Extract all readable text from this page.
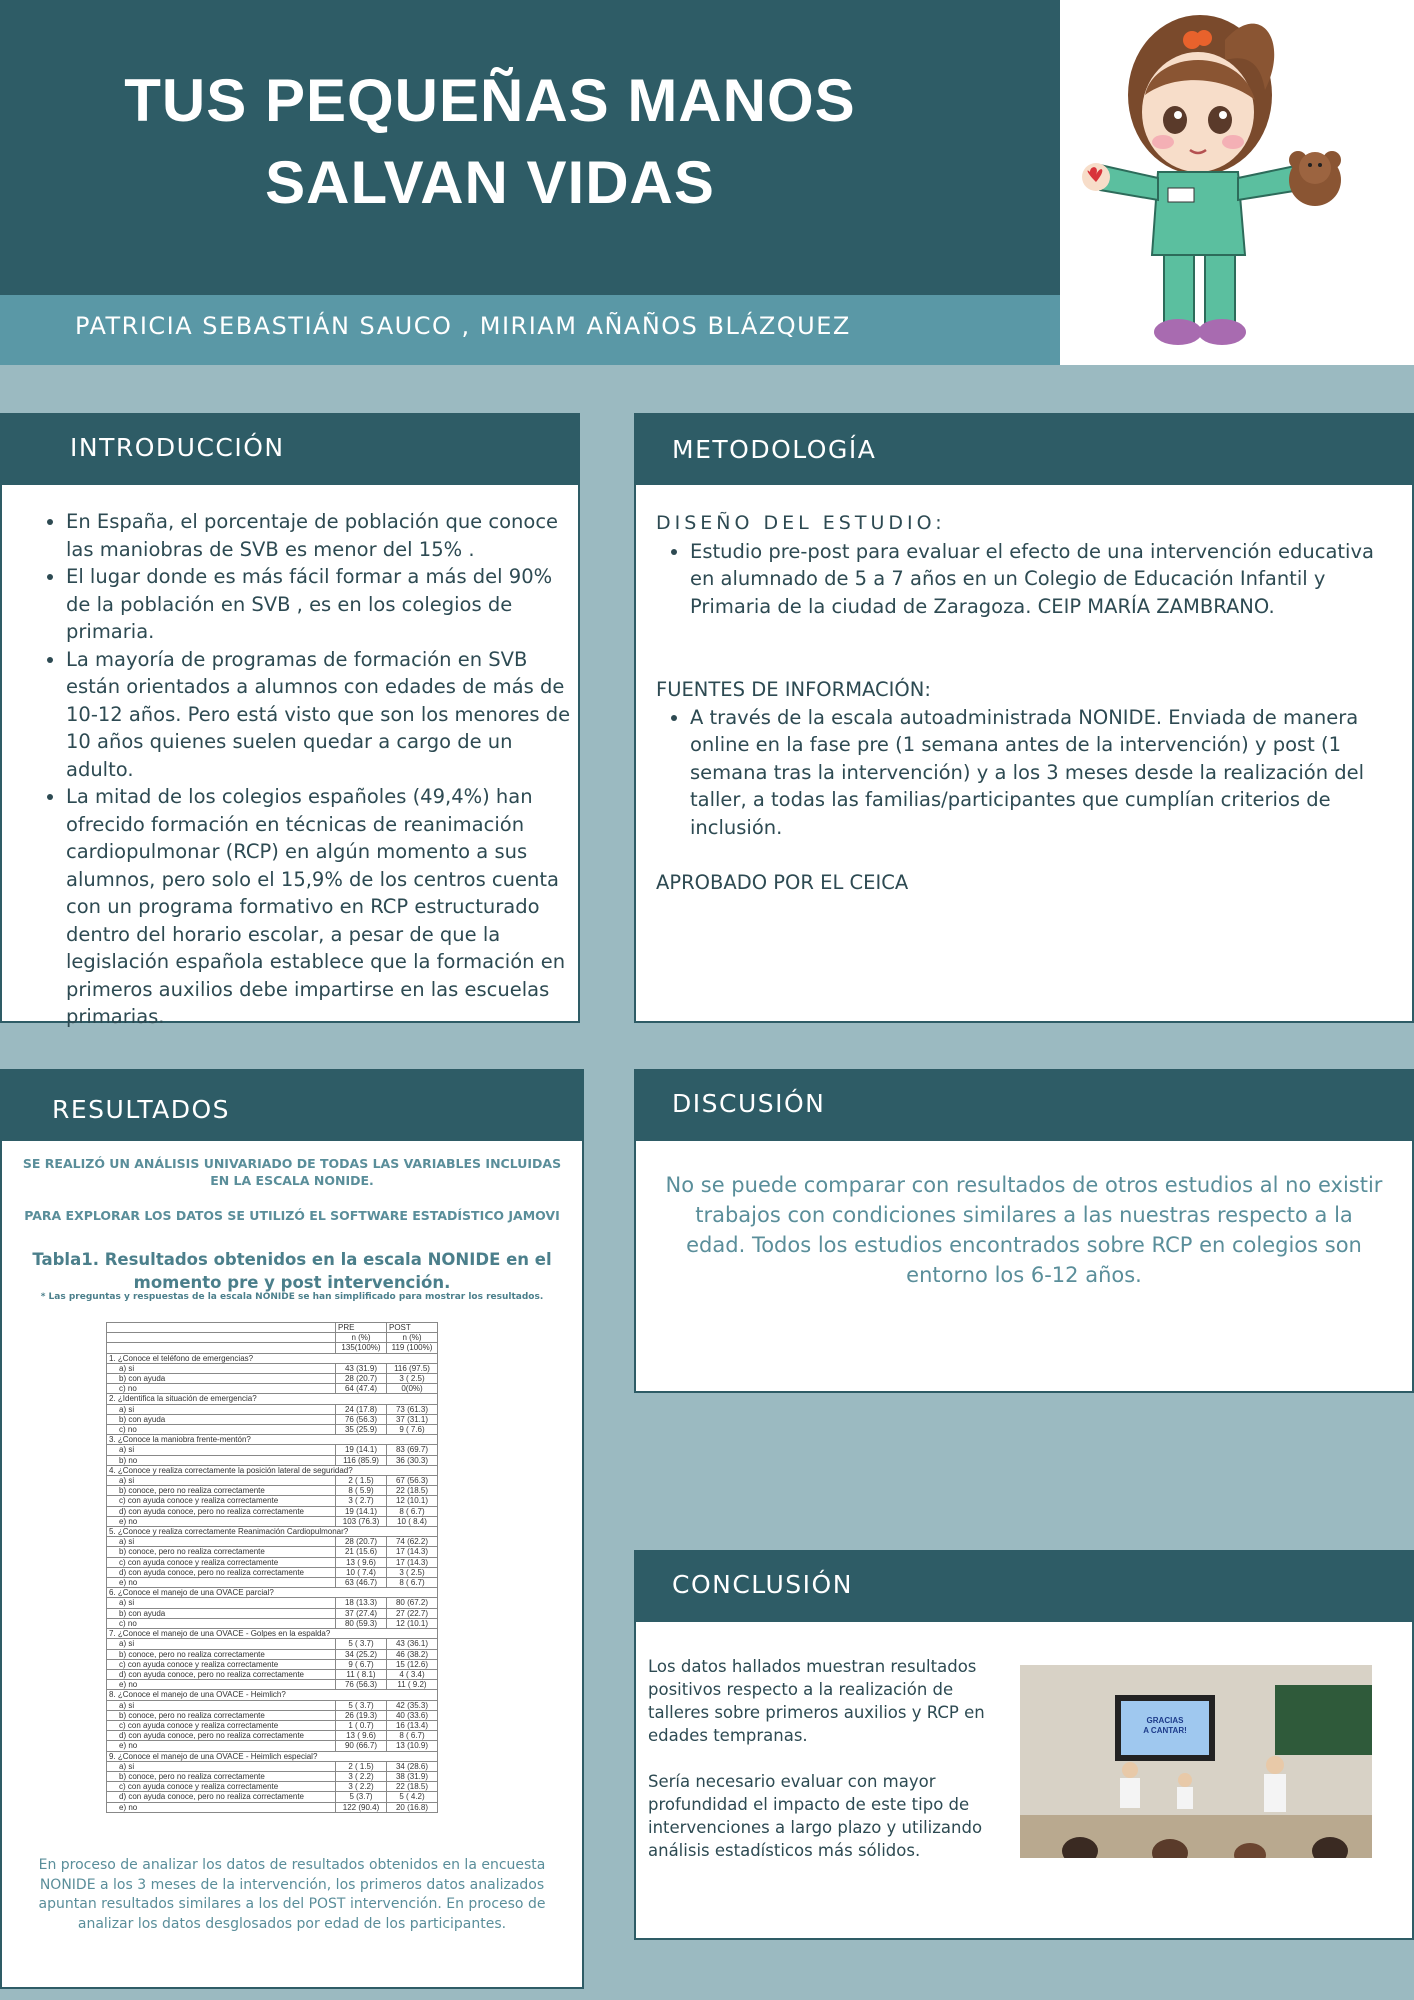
TUS PEQUEÑAS MANOS
SALVAN VIDAS

PATRICIA SEBASTIÁN SAUCO , MIRIAM AÑAÑOS BLÁZQUEZ

INTRODUCCIÓN
• En España, el porcentaje de población que conoce las maniobras de SVB es menor del 15% .
• El lugar donde es más fácil formar a más del 90% de la población en SVB , es en los colegios de primaria.
• La mayoría de programas de formación en SVB están orientados a alumnos con edades de más de 10-12 años. Pero está visto que son los menores de 10 años quienes suelen quedar a cargo de un adulto.
• La mitad de los colegios españoles (49,4%) han ofrecido formación en técnicas de reanimación cardiopulmonar (RCP) en algún momento a sus alumnos, pero solo el 15,9% de los centros cuenta con un programa formativo en RCP estructurado dentro del horario escolar, a pesar de que la legislación española establece que la formación en primeros auxilios debe impartirse en las escuelas primarias.
METODOLOGÍA
DISEÑO DEL ESTUDIO:
• Estudio pre-post para evaluar el efecto de una intervención educativa en alumnado de 5 a 7 años en un Colegio de Educación Infantil y Primaria de la ciudad de Zaragoza. CEIP MARÍA ZAMBRANO.
FUENTES DE INFORMACIÓN:
• A través de la escala autoadministrada NONIDE. Enviada de manera online en la fase pre (1 semana antes de la intervención) y post (1 semana tras la intervención) y a los 3 meses desde la realización del taller, a todas las familias/participantes que cumplían criterios de inclusión.
APROBADO POR EL CEICA
RESULTADOS
SE REALIZÓ UN ANÁLISIS UNIVARIADO DE TODAS LAS VARIABLES INCLUIDAS EN LA ESCALA NONIDE.
PARA EXPLORAR LOS DATOS SE UTILIZÓ EL SOFTWARE ESTADÍSTICO JAMOVI
Tabla1. Resultados obtenidos en la escala NONIDE en el momento pre y post intervención.
* Las preguntas y respuestas de la escala NONIDE se han simplificado para mostrar los resultados.
	PRE	POST
	n (%)	n (%)
	135(100%)	119 (100%)
1. ¿Conoce el teléfono de emergencias?		
a) si	43 (31.9)	116 (97.5)
b) con ayuda	28 (20.7)	3 ( 2.5)
c) no	64 (47.4)	0(0%)
2. ¿Identifica la situación de emergencia?		
a) si	24 (17.8)	73 (61.3)
b) con ayuda	76 (56.3)	37 (31.1)
c) no	35 (25.9)	9 ( 7.6)
3. ¿Conoce la maniobra frente-mentón?		
a) si	19 (14.1)	83 (69.7)
b) no	116 (85.9)	36 (30.3)
4. ¿Conoce y realiza correctamente la posición lateral de seguridad?		
a) si	2 ( 1.5)	67 (56.3)
b) conoce, pero no realiza correctamente	8 ( 5.9)	22 (18.5)
c) con ayuda conoce y realiza correctamente	3 ( 2.7)	12 (10.1)
d) con ayuda conoce, pero no realiza correctamente	19 (14.1)	8 ( 6.7)
e) no	103 (76.3)	10 ( 8.4)
5. ¿Conoce y realiza correctamente Reanimación Cardiopulmonar?		
a) si	28 (20.7)	74 (62.2)
b) conoce, pero no realiza correctamente	21 (15.6)	17 (14.3)
c) con ayuda conoce y realiza correctamente	13 ( 9.6)	17 (14.3)
d) con ayuda conoce, pero no realiza correctamente	10 ( 7.4)	3 ( 2.5)
e) no	63 (46.7)	8 ( 6.7)
6. ¿Conoce el manejo de una OVACE parcial?		
a) si	18 (13.3)	80 (67.2)
b) con ayuda	37 (27.4)	27 (22.7)
c) no	80 (59.3)	12 (10.1)
7. ¿Conoce el manejo de una OVACE - Golpes en la espalda?		
a) si	5 ( 3.7)	43 (36.1)
b) conoce, pero no realiza correctamente	34 (25.2)	46 (38.2)
c) con ayuda conoce y realiza correctamente	9 ( 6.7)	15 (12.6)
d) con ayuda conoce, pero no realiza correctamente	11 ( 8.1)	4 ( 3.4)
e) no	76 (56.3)	11 ( 9.2)
8. ¿Conoce el manejo de una OVACE - Heimlich?		
a) si	5 ( 3.7)	42 (35.3)
b) conoce, pero no realiza correctamente	26 (19.3)	40 (33.6)
c) con ayuda conoce y realiza correctamente	1 ( 0.7)	16 (13.4)
d) con ayuda conoce, pero no realiza correctamente	13 ( 9.6)	8 ( 6.7)
e) no	90 (66.7)	13 (10.9)
9. ¿Conoce el manejo de una OVACE - Heimlich especial?		
a) si	2 ( 1.5)	34 (28.6)
b) conoce, pero no realiza correctamente	3 ( 2.2)	38 (31.9)
c) con ayuda conoce y realiza correctamente	3 ( 2.2)	22 (18.5)
d) con ayuda conoce, pero no realiza correctamente	5 (3.7)	5 ( 4.2)
e) no	122 (90.4)	20 (16.8)
En proceso de analizar los datos de resultados obtenidos en la encuesta NONIDE a los 3 meses de la intervención, los primeros datos analizados apuntan resultados similares a los del POST intervención. En proceso de analizar los datos desglosados por edad de los participantes.
DISCUSIÓN
No se puede comparar con resultados de otros estudios al no existir trabajos con condiciones similares a las nuestras respecto a la edad. Todos los estudios encontrados sobre RCP en colegios son entorno los 6-12 años.
CONCLUSIÓN
Los datos hallados muestran resultados positivos respecto a la realización de talleres sobre primeros auxilios y RCP en edades tempranas.
Sería necesario evaluar con mayor profundidad el impacto de este tipo de intervenciones a largo plazo y utilizando análisis estadísticos más sólidos.
GRACIAS A CANTAR!
